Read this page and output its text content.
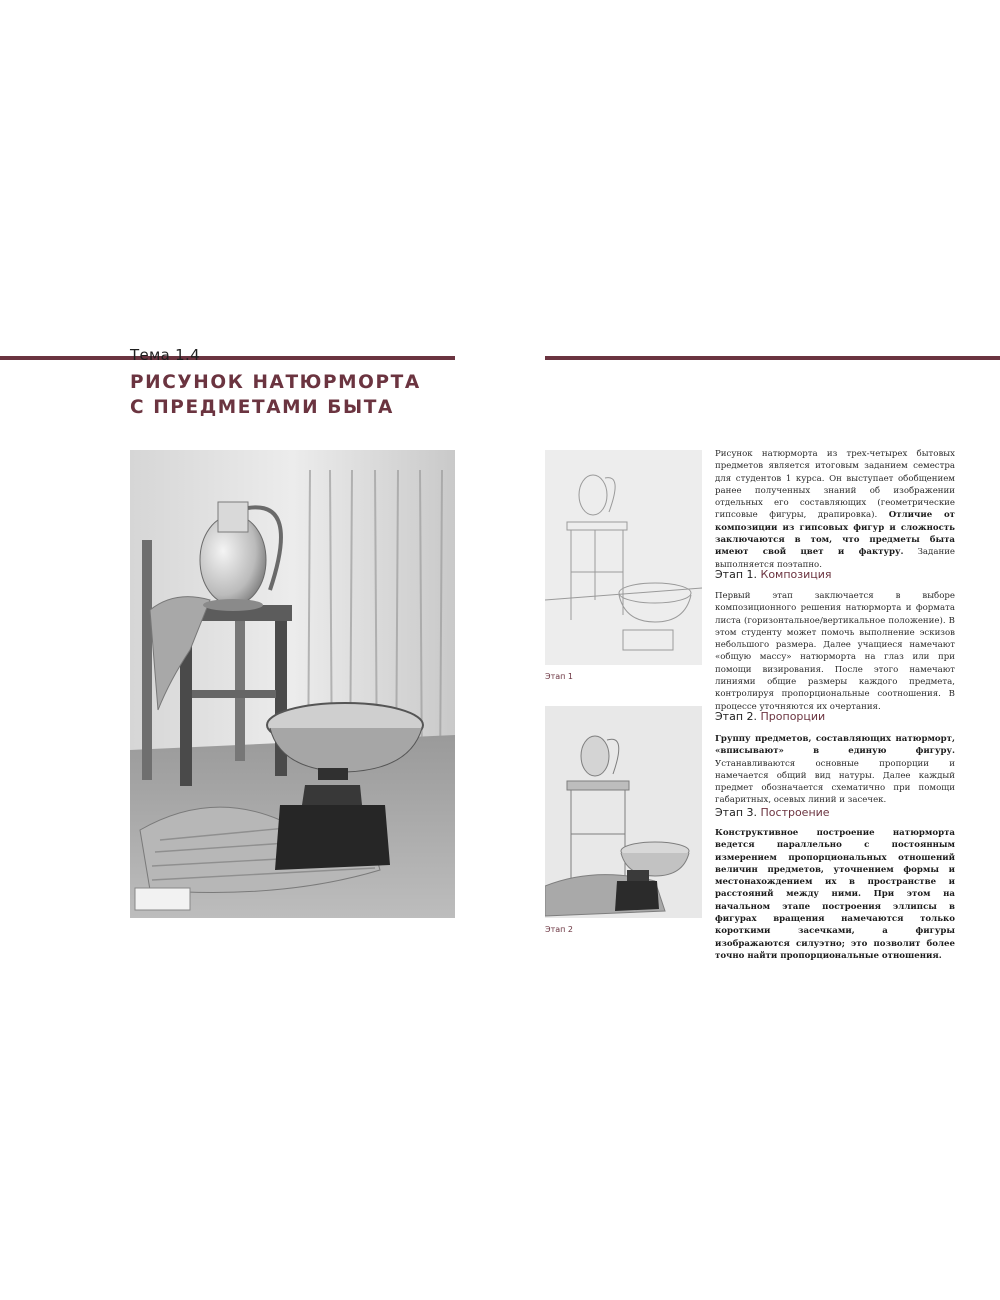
Тема 1.4
РИСУНОК НАТЮРМОРТА
С ПРЕДМЕТАМИ БЫТА
Этап 1
Этап 2

Рисунок натюрморта из трех-четырех бытовых предметов является итоговым заданием семестра для студентов 1 курса. Он выступает обобщением ранее полученных знаний об изображении отдельных его составляющих (геометрические гипсовые фигуры, драпировка). Отличие от композиции из гипсовых фигур и сложность заключаются в том, что предметы быта имеют свой цвет и фактуру. Задание выполняется поэтапно.

Этап 1. Композиция

Первый этап заключается в выборе композиционного решения натюрморта и формата листа (горизонтальное/вертикальное положение). В этом студенту может помочь выполнение эскизов небольшого размера. Далее учащиеся намечают «общую массу» натюрморта на глаз или при помощи визирования. После этого намечают линиями общие размеры каждого предмета, контролируя пропорциональные соотношения. В процессе уточняются их очертания.

Этап 2. Пропорции

Группу предметов, составляющих натюрморт, «вписывают» в единую фигуру. Устанавливаются основные пропорции и намечается общий вид натуры. Далее каждый предмет обозначается схематично при помощи габаритных, осевых линий и засечек.

Этап 3. Построение

Конструктивное построение натюрморта ведется параллельно с постоянным измерением пропорциональных отношений величин предметов, уточнением формы и местонахождением их в пространстве и расстояний между ними. При этом на начальном этапе построения эллипсы в фигурах вращения намечаются только короткими засечками, а фигуры изображаются силуэтно; это позволит более точно найти пропорциональные отношения.
